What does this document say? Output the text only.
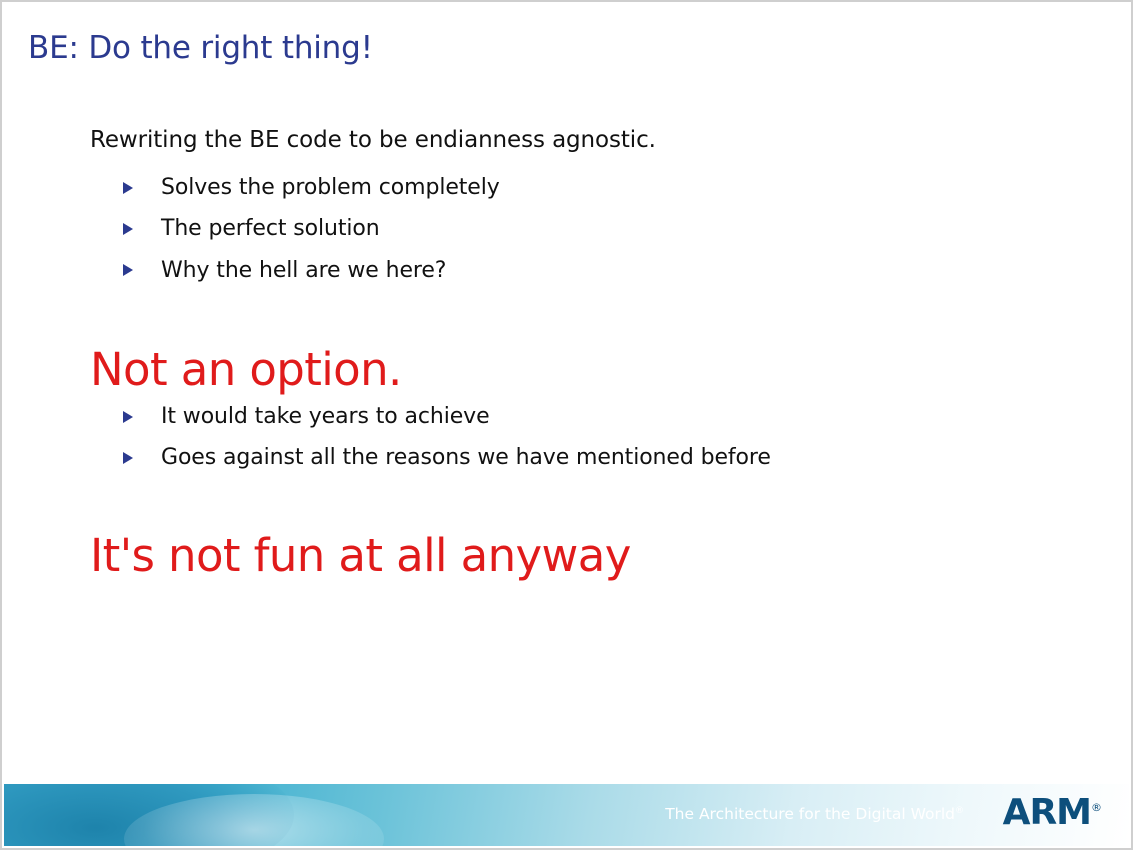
BE: Do the right thing!

Rewriting the BE code to be endianness agnostic.

Solves the problem completely
The perfect solution
Why the hell are we here?
Not an option.
It would take years to achieve
Goes against all the reasons we have mentioned before
It's not fun at all anyway
The Architecture for the Digital World® ARM®
